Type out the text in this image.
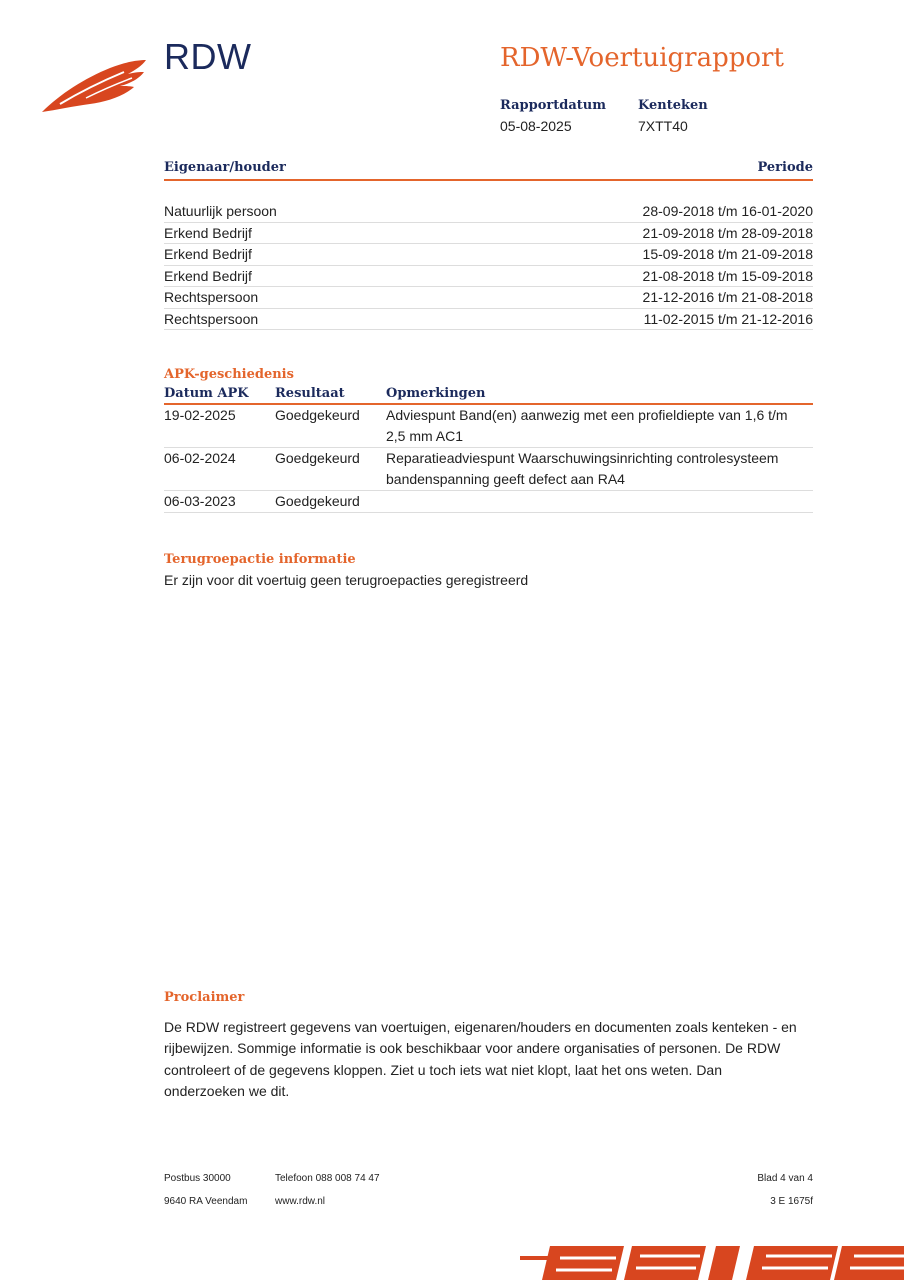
RDW	RDW-Voertuigrapport
Rapportdatum
05-08-2025
Kenteken
7XTT40
Eigenaar/houder	Periode
Natuurlijk persoon	28-09-2018 t/m 16-01-2020
Erkend Bedrijf	21-09-2018 t/m 28-09-2018
Erkend Bedrijf	15-09-2018 t/m 21-09-2018
Erkend Bedrijf	21-08-2018 t/m 15-09-2018
Rechtspersoon	21-12-2016 t/m 21-08-2018
Rechtspersoon	11-02-2015 t/m 21-12-2016
APK-geschiedenis
Datum APK	Resultaat	Opmerkingen
19-02-2025	Goedgekeurd	Adviespunt Band(en) aanwezig met een profieldiepte van 1,6 t/m 2,5 mm AC1
06-02-2024	Goedgekeurd	Reparatieadviespunt Waarschuwingsinrichting controlesysteem bandenspanning geeft defect aan RA4
06-03-2023	Goedgekeurd
Terugroepactie informatie
Er zijn voor dit voertuig geen terugroepacties geregistreerd
Proclaimer
De RDW registreert gegevens van voertuigen, eigenaren/houders en documenten zoals kenteken - en rijbewijzen. Sommige informatie is ook beschikbaar voor andere organisaties of personen. De RDW controleert of de gegevens kloppen. Ziet u toch iets wat niet klopt, laat het ons weten. Dan onderzoeken we dit.
Postbus 30000
9640 RA Veendam
Telefoon 088 008 74 47
www.rdw.nl
Blad 4 van 4
3 E 1675f
